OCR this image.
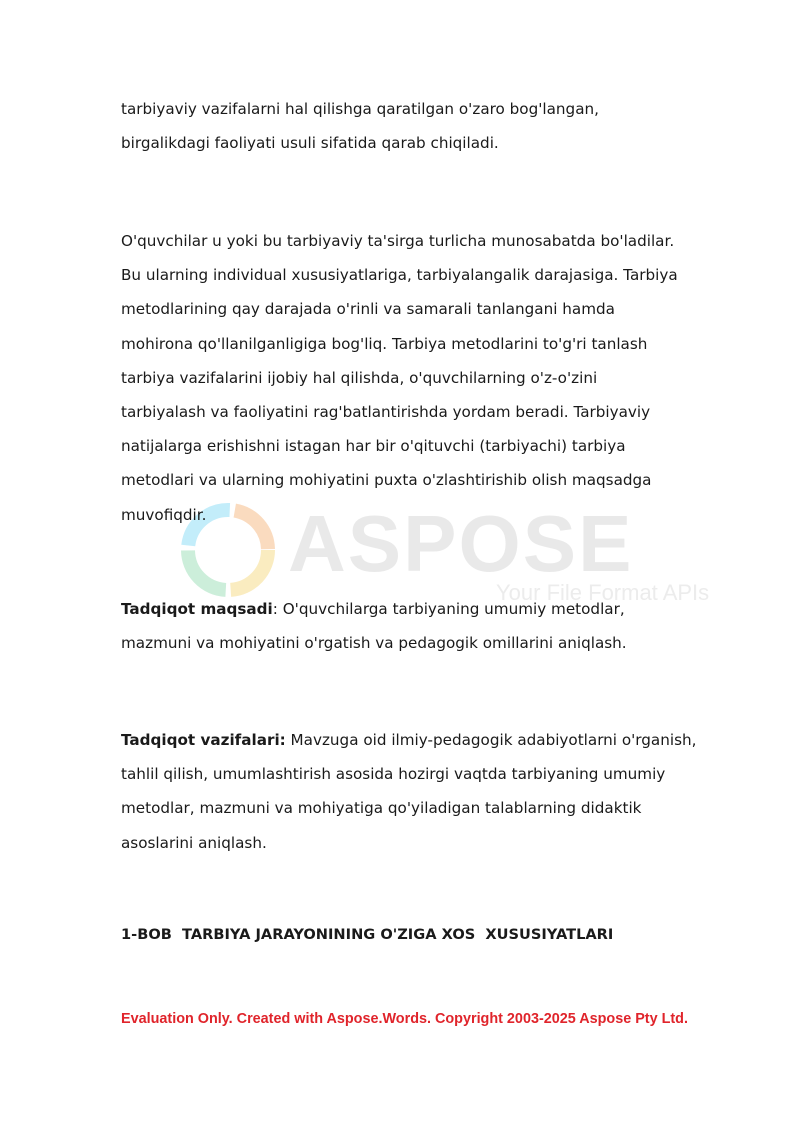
ASPOSE
Your File Format APIs
tarbiyaviy vazifalarni hal qilishga qaratilgan o'zaro bog'langan,
birgalikdagi faoliyati usuli sifatida qarab chiqiladi.
O'quvchilar u yoki bu tarbiyaviy ta'sirga turlicha munosabatda bo'ladilar.
Bu ularning individual xususiyatlariga, tarbiyalangalik darajasiga. Tarbiya
metodlarining qay darajada o'rinli va samarali tanlangani hamda
mohirona qo'llanilganligiga bog'liq. Tarbiya metodlarini to'g'ri tanlash
tarbiya vazifalarini ijobiy hal qilishda, o'quvchilarning o'z-o'zini
tarbiyalash va faoliyatini rag'batlantirishda yordam beradi. Tarbiyaviy
natijalarga erishishni istagan har bir o'qituvchi (tarbiyachi) tarbiya
metodlari va ularning mohiyatini puxta o'zlashtirishib olish maqsadga
muvofiqdir.
Tadqiqot maqsadi: O'quvchilarga tarbiyaning umumiy metodlar,
mazmuni va mohiyatini o'rgatish va pedagogik omillarini aniqlash.
Tadqiqot vazifalari: Mavzuga oid ilmiy-pedagogik adabiyotlarni o'rganish,
tahlil qilish, umumlashtirish asosida hozirgi vaqtda tarbiyaning umumiy
metodlar, mazmuni va mohiyatiga qo'yiladigan talablarning didaktik
asoslarini aniqlash.
1-BOB  TARBIYA JARAYONINING O'ZIGA XOS  XUSUSIYATLARI
Evaluation Only. Created with Aspose.Words. Copyright 2003-2025 Aspose Pty Ltd.
